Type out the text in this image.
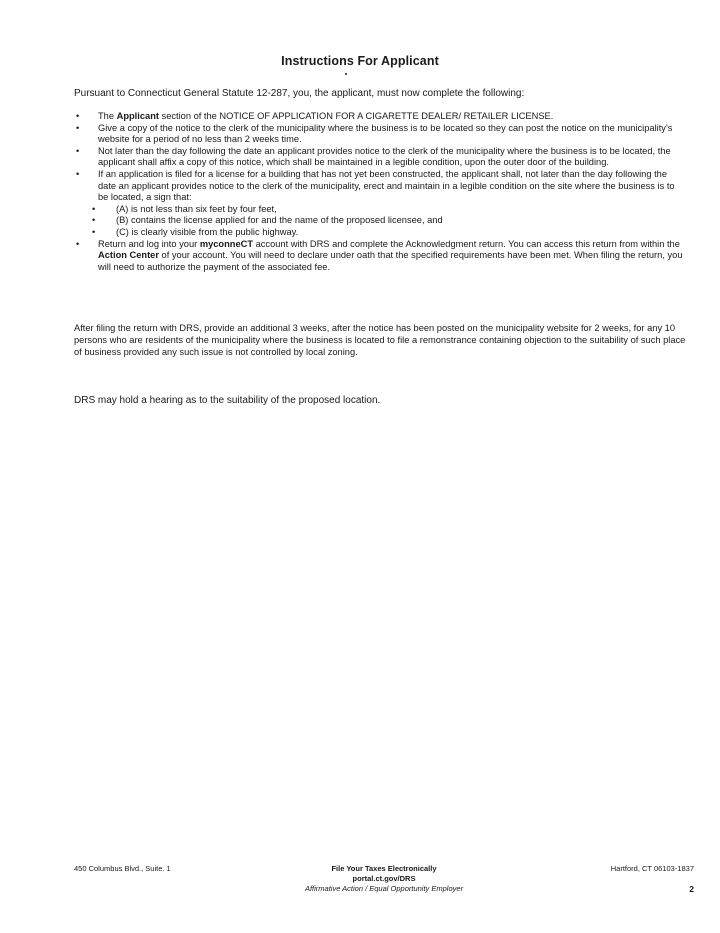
Instructions For Applicant
Pursuant to Connecticut General Statute 12-287, you, the applicant, must now complete the following:
• The Applicant section of the NOTICE OF APPLICATION FOR A CIGARETTE DEALER/ RETAILER LICENSE.
• Give a copy of the notice to the clerk of the municipality where the business is to be located so they can post the notice on the municipality's website for a period of no less than 2 weeks time.
• Not later than the day following the date an applicant provides notice to the clerk of the municipality where the business is to be located, the applicant shall affix a copy of this notice, which shall be maintained in a legible condition, upon the outer door of the building.
• If an application is filed for a license for a building that has not yet been constructed, the applicant shall, not later than the day following the date an applicant provides notice to the clerk of the municipality, erect and maintain in a legible condition on the site where the business is to be located, a sign that:
• (A) is not less than six feet by four feet,
• (B) contains the license applied for and the name of the proposed licensee, and
• (C) is clearly visible from the public highway.
• Return and log into your myconneCT account with DRS and complete the Acknowledgment return. You can access this return from within the Action Center of your account. You will need to declare under oath that the specified requirements have been met. When filing the return, you will need to authorize the payment of the associated fee.
After filing the return with DRS, provide an additional 3 weeks, after the notice has been posted on the municipality website for 2 weeks, for any 10 persons who are residents of the municipality where the business is located to file a remonstrance containing objection to the suitability of such place of business provided any such issue is not controlled by local zoning.
DRS may hold a hearing as to the suitability of the proposed location.
450 Columbus Blvd., Suite. 1	File Your Taxes Electronically
portal.ct.gov/DRS
Affirmative Action / Equal Opportunity Employer
Hartford, CT 06103-1837
2
